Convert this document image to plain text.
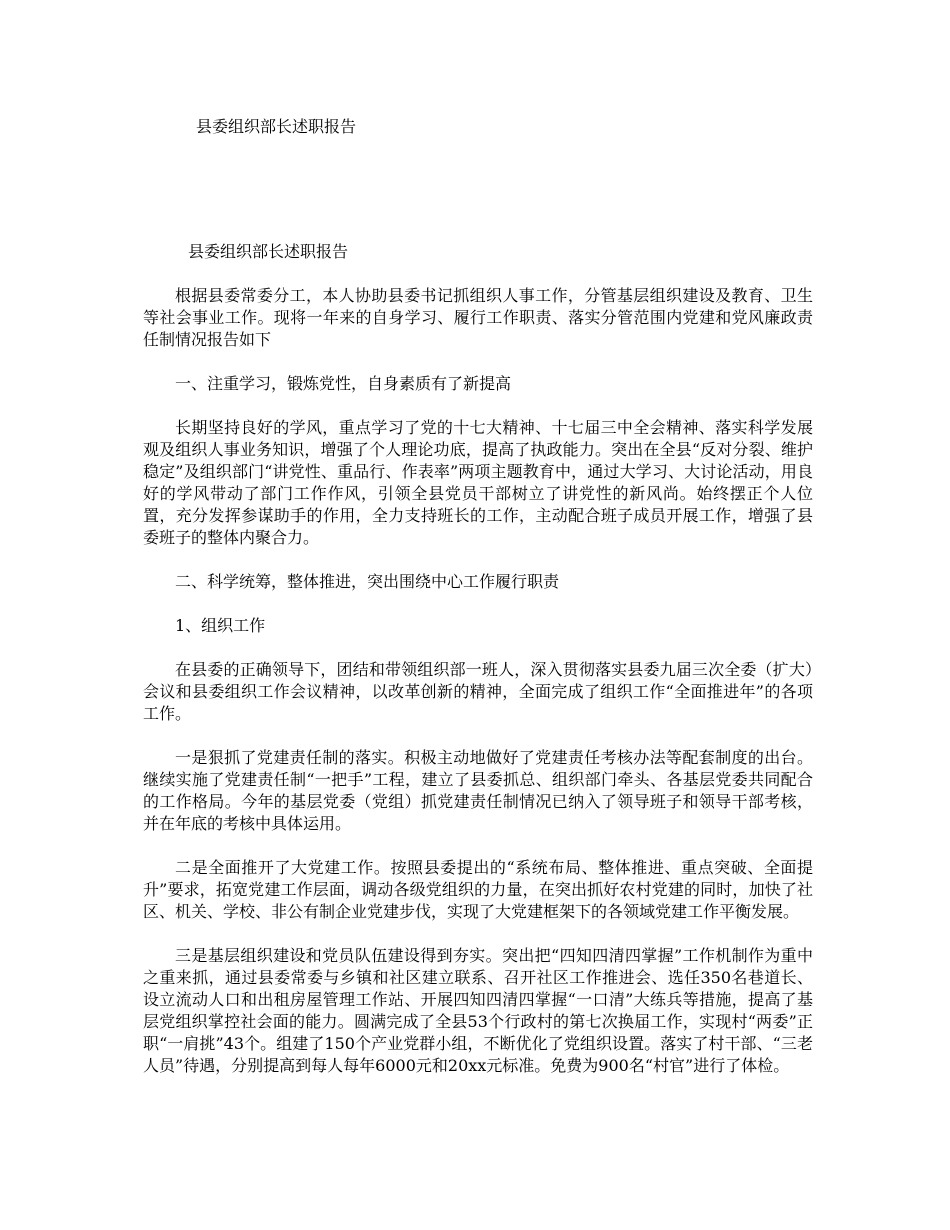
县委组织部长述职报告

县委组织部长述职报告

根据县委常委分工，本人协助县委书记抓组织人事工作，分管基层组织建设及教育、卫生等社会事业工作。现将一年来的自身学习、履行工作职责、落实分管范围内党建和党风廉政责任制情况报告如下

一、注重学习，锻炼党性，自身素质有了新提高

长期坚持良好的学风，重点学习了党的十七大精神、十七届三中全会精神、落实科学发展观及组织人事业务知识，增强了个人理论功底，提高了执政能力。突出在全县“反对分裂、维护稳定”及组织部门“讲党性、重品行、作表率”两项主题教育中，通过大学习、大讨论活动，用良好的学风带动了部门工作作风，引领全县党员干部树立了讲党性的新风尚。始终摆正个人位置，充分发挥参谋助手的作用，全力支持班长的工作，主动配合班子成员开展工作，增强了县委班子的整体内聚合力。

二、科学统筹，整体推进，突出围绕中心工作履行职责

1、组织工作

在县委的正确领导下，团结和带领组织部一班人，深入贯彻落实县委九届三次全委（扩大）会议和县委组织工作会议精神，以改革创新的精神，全面完成了组织工作“全面推进年”的各项工作。

一是狠抓了党建责任制的落实。积极主动地做好了党建责任考核办法等配套制度的出台。继续实施了党建责任制“一把手”工程，建立了县委抓总、组织部门牵头、各基层党委共同配合的工作格局。今年的基层党委（党组）抓党建责任制情况已纳入了领导班子和领导干部考核，并在年底的考核中具体运用。

二是全面推开了大党建工作。按照县委提出的“系统布局、整体推进、重点突破、全面提升”要求，拓宽党建工作层面，调动各级党组织的力量，在突出抓好农村党建的同时，加快了社区、机关、学校、非公有制企业党建步伐，实现了大党建框架下的各领域党建工作平衡发展。

三是基层组织建设和党员队伍建设得到夯实。突出把“四知四清四掌握”工作机制作为重中之重来抓，通过县委常委与乡镇和社区建立联系、召开社区工作推进会、选任350名巷道长、设立流动人口和出租房屋管理工作站、开展四知四清四掌握“一口清”大练兵等措施，提高了基层党组织掌控社会面的能力。圆满完成了全县53个行政村的第七次换届工作，实现村“两委”正职“一肩挑”43个。组建了150个产业党群小组，不断优化了党组织设置。落实了村干部、“三老人员”待遇，分别提高到每人每年6000元和20xx元标准。免费为900名“村官”进行了体检。
